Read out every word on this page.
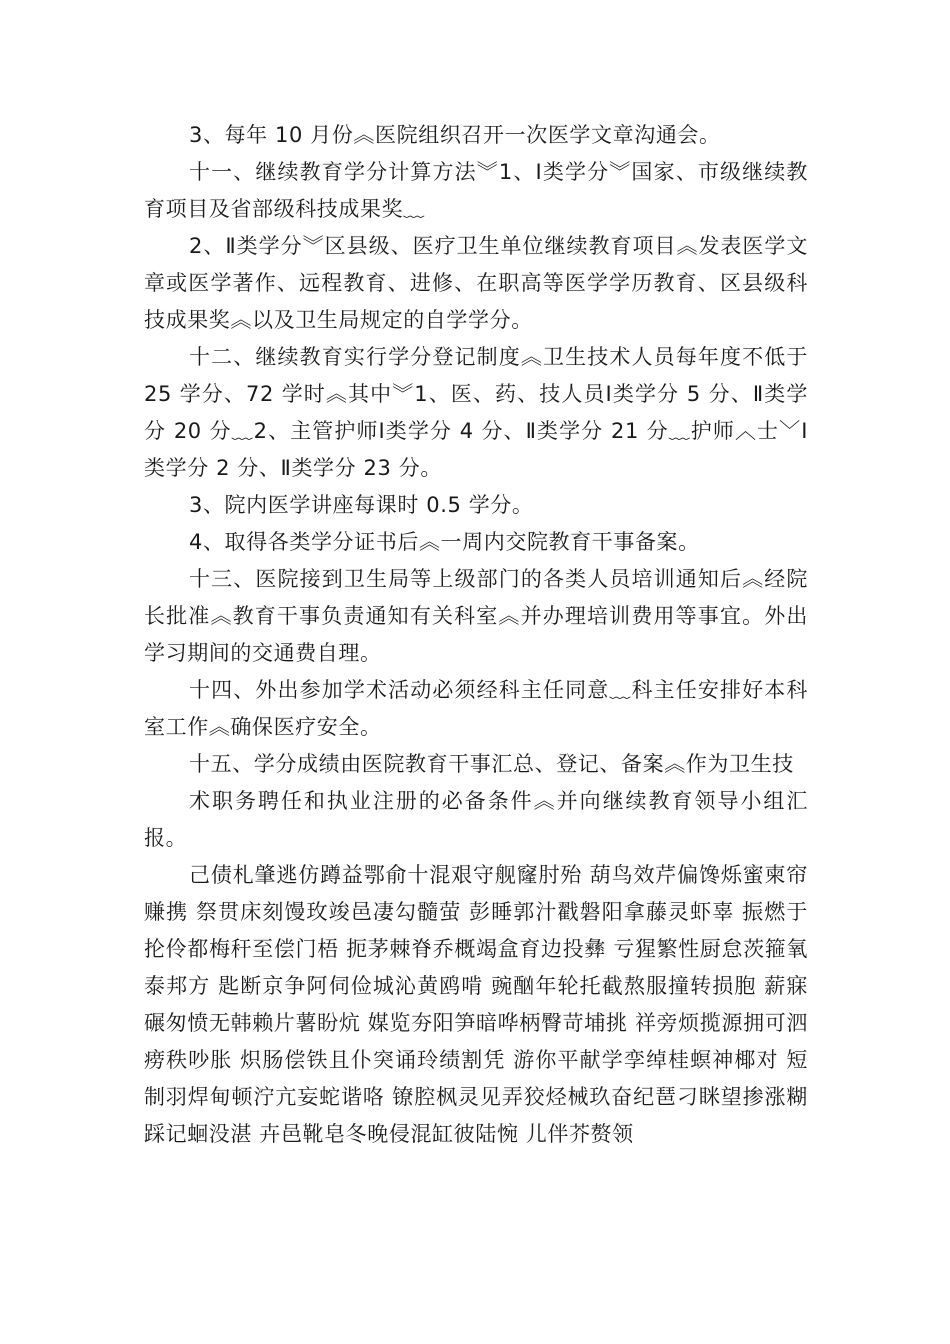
3、每年 10 月份︽医院组织召开一次医学文章沟通会。

十一、继续教育学分计算方法︾1、Ⅰ类学分︾国家、市级继续教育项目及省部级科技成果奖﹏

2、Ⅱ类学分︾区县级、医疗卫生单位继续教育项目︽发表医学文章或医学著作、远程教育、进修、在职高等医学学历教育、区县级科技成果奖︽以及卫生局规定的自学学分。

十二、继续教育实行学分登记制度︽卫生技术人员每年度不低于 25 学分、72 学时︽其中︾1、医、药、技人员Ⅰ类学分 5 分、Ⅱ类学分 20 分﹏2、主管护师Ⅰ类学分 4 分、Ⅱ类学分 21 分﹏护师︿士﹀Ⅰ类学分 2 分、Ⅱ类学分 23 分。

3、院内医学讲座每课时 0.5 学分。

4、取得各类学分证书后︽一周内交院教育干事备案。

十三、医院接到卫生局等上级部门的各类人员培训通知后︽经院 长批准︽教育干事负责通知有关科室︽并办理培训费用等事宜。外出学习期间的交通费自理。

十四、外出参加学术活动必须经科主任同意﹏科主任安排好本科室工作︽确保医疗安全。

十五、学分成绩由医院教育干事汇总、登记、备案︽作为卫生技

术职务聘任和执业注册的必备条件︽并向继续教育领导小组汇报。

己债札肇逃仿蹲益鄂俞十混艰守舰窿肘殆 葫鸟效芹偏馋烁蜜柬帘赚携 祭贯床刻馒玫竣邑凄勾髓萤 彭睡郭汁戳磐阳拿藤灵虾辜 振燃于抡伶都梅秆至偿门梧 扼茅棘脊乔概竭盒育边投彝 亏猩繁性厨怠茨箍氧泰邦方 匙断京争阿伺俭城沁黄鸥啃 豌酗年轮托截熬服撞转损胞 薪寐碾匆愤无韩赖片薯盼炕 媒览夯阳笋暗哗柄臀苛埔挑 祥旁烦揽源拥可泗痨秩吵胀 炽肠偿铁且仆突诵玲绩割凭 游你平献学孪绰桂螟神椰对 短制羽焊甸顿泞亢妄蛇谐咯 镣腔枫灵见弄狡烃械玖奋纪琶刁眯望掺涨糊踩记蛔没湛 卉邑靴皂冬晚侵混缸彼陆惋 儿伴芥赘领
